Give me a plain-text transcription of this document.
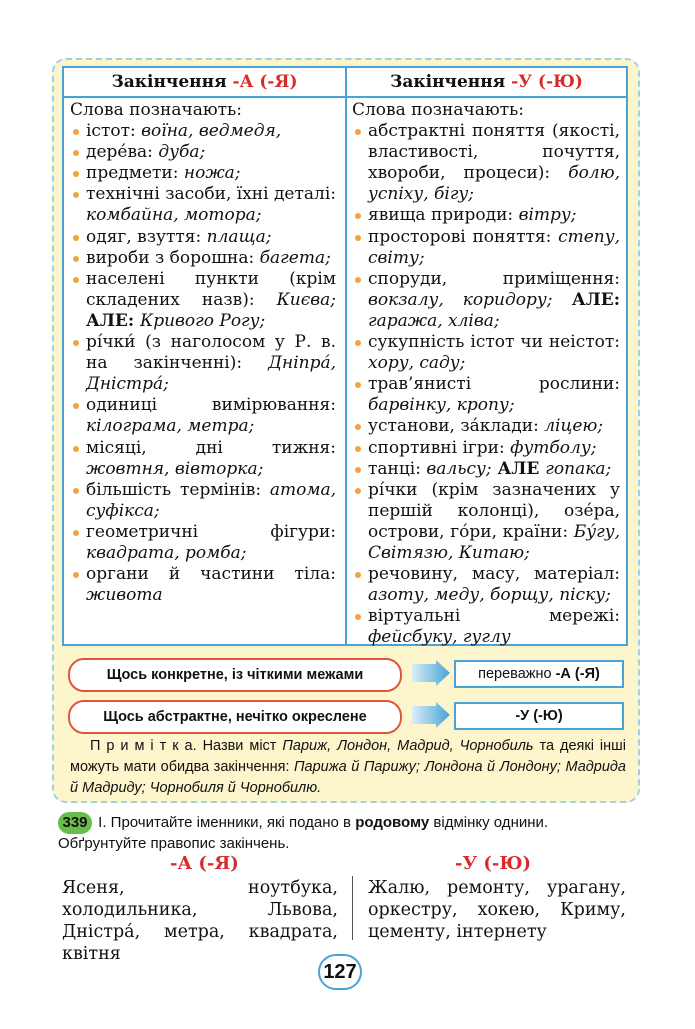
Закінчення -А (-Я)	Закінчення -У (-Ю)
Слова позначають:
істот: воїна, ведмедя,
дере́ва: дуба;
предмети: ножа;
технічні засоби, їхні деталі: комбайна, мотора;
одяг, взуття: плаща;
вироби з борошна: багета;
населені пункти (крім складених назв): Києва; АЛЕ: Кривого Рогу;
рі́чки́ (з наголосом у Р. в. на закінченні): Дніпра́, Дністра́;
одиниці вимірювання: кілограма, метра;
місяці, дні тижня: жовтня, вівторка;
більшість термінів: атома, суфікса;
геометричні фігури: квадрата, ромба;
органи й частини тіла: живота
Слова позначають:
абстрактні поняття (якості, властивості, почуття, хвороби, процеси): болю, успіху, бігу;
явища природи: вітру;
просторові поняття: степу, світу;
споруди, приміщення: вокзалу, коридору; АЛЕ: гаража, хліва;
сукупність істот чи неістот: хору, саду;
трав’янисті рослини: барвінку, кропу;
установи, за́клади: ліцею;
спортивні ігри: футболу;
танці: вальсу; АЛЕ гопака;
рі́чки (крім зазначених у першій колонці), озе́ра, острови, го́ри, країни: Бу́гу, Світязю, Китаю;
речовину, масу, матеріал: азоту, меду, борщу, піску;
віртуальні мережі: фейсбуку, гуглу
Щось конкретне, із чіткими межами	переважно -А (-Я)
Щось абстрактне, нечітко окреслене	-У (-Ю)
П р и м і т к а. Назви міст Париж, Лондон, Мадрид, Чорнобиль та деякі інші можуть мати обидва закінчення: Парижа й Парижу; Лондона й Лондону; Мадрида й Мадриду; Чорнобиля й Чорнобилю.
І. Прочитайте іменники, які подано в родовому відмінку однини. Обґрунтуйте правопис закінчень.
339
-А (-Я)	-У (-Ю)
Ясеня, ноутбука, холодильника, Львова, Дністра́, метра, квадрата, квітня
Жалю, ремонту, урагану, оркестру, хокею, Криму, цементу, інтернету
127
